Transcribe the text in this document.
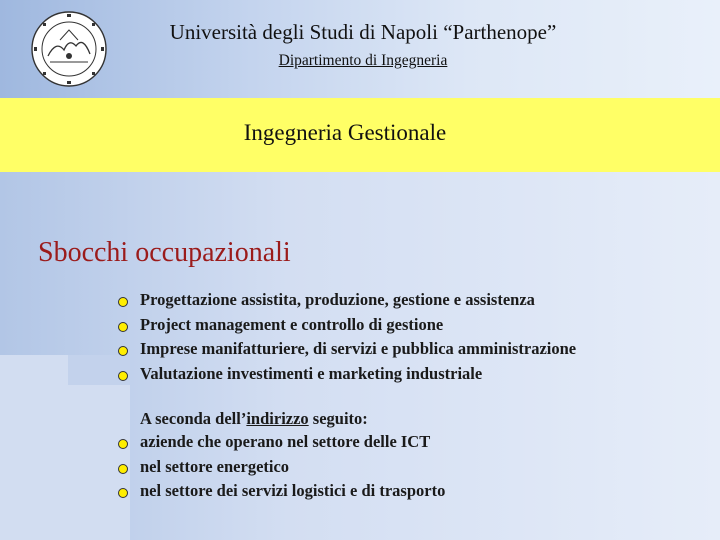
Università degli Studi di Napoli “Parthenope”
Dipartimento di Ingegneria
Ingegneria Gestionale
Sbocchi occupazionali
Progettazione assistita, produzione, gestione e assistenza
Project management e controllo di gestione
Imprese manifatturiere, di servizi e pubblica amministrazione
Valutazione investimenti e marketing industriale
A seconda dell’indirizzo seguito:
aziende che operano nel settore delle ICT
nel settore energetico
nel settore dei servizi logistici e di trasporto
